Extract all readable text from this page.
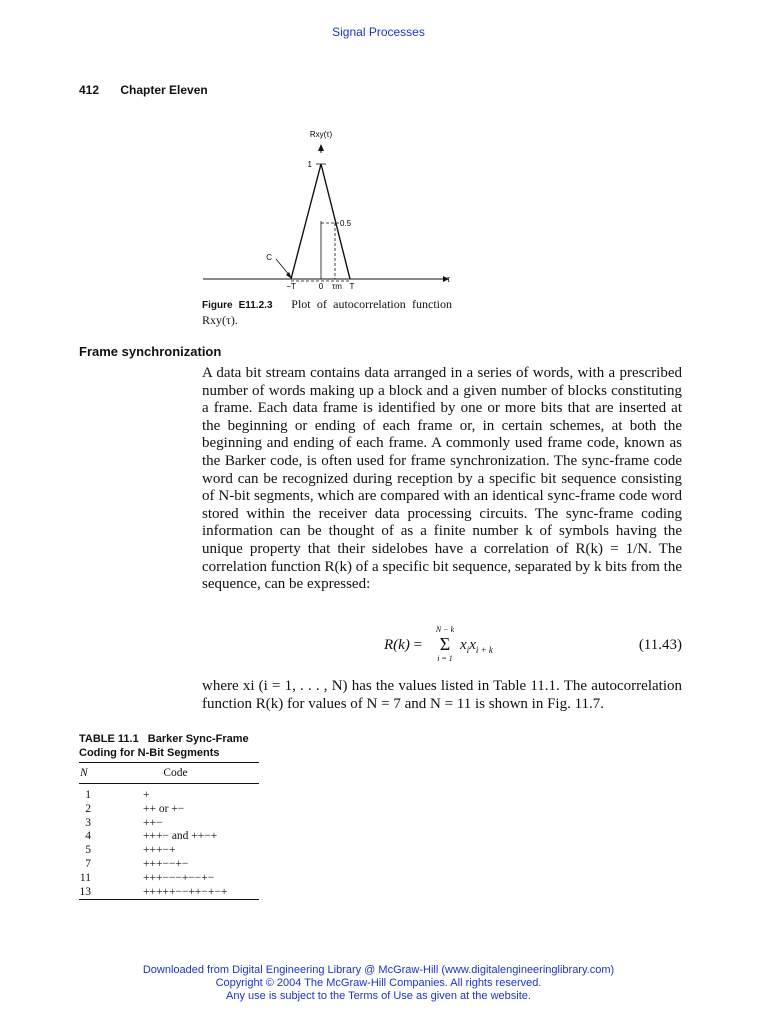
Signal Processes
412 Chapter Eleven
Rxy(τ)
1
0.5
C
τ
−T	0 τm T
Figure E11.2.3 Plot of autocorrelation function Rxy(τ).
Frame synchronization
A data bit stream contains data arranged in a series of words, with a prescribed number of words making up a block and a given number of blocks constituting a frame. Each data frame is identified by one or more bits that are inserted at the beginning or ending of each frame or, in certain schemes, at both the beginning and ending of each frame. A commonly used frame code, known as the Barker code, is often used for frame synchronization. The sync-frame code word can be recognized during reception by a specific bit sequence consisting of N-bit segments, which are compared with an identical sync-frame code word stored within the receiver data processing circuits. The sync-frame coding information can be thought of as a finite number k of symbols having the unique property that their sidelobes have a correlation of R(k) = 1/N. The correlation function R(k) of a specific bit sequence, separated by k bits from the sequence, can be expressed:
R(k) =
N − k
Σ
i = 1
$x_ix_{i + k}$	(11.43)
where xi (i = 1, . . . , N) has the values listed in Table 11.1. The autocorrelation function R(k) for values of N = 7 and N = 11 is shown in Fig. 11.7.
TABLE 11.1 Barker Sync-Frame Coding for N-Bit Segments
N	Code
1	+
2	++ or +−
3	++−
4	+++− and ++−+
5	+++−+
7	+++−−+−
11	+++−−−+−−+−
13	+++++−−++−+−+
Downloaded from Digital Engineering Library @ McGraw-Hill (www.digitalengineeringlibrary.com)
Copyright © 2004 The McGraw-Hill Companies. All rights reserved.
Any use is subject to the Terms of Use as given at the website.
